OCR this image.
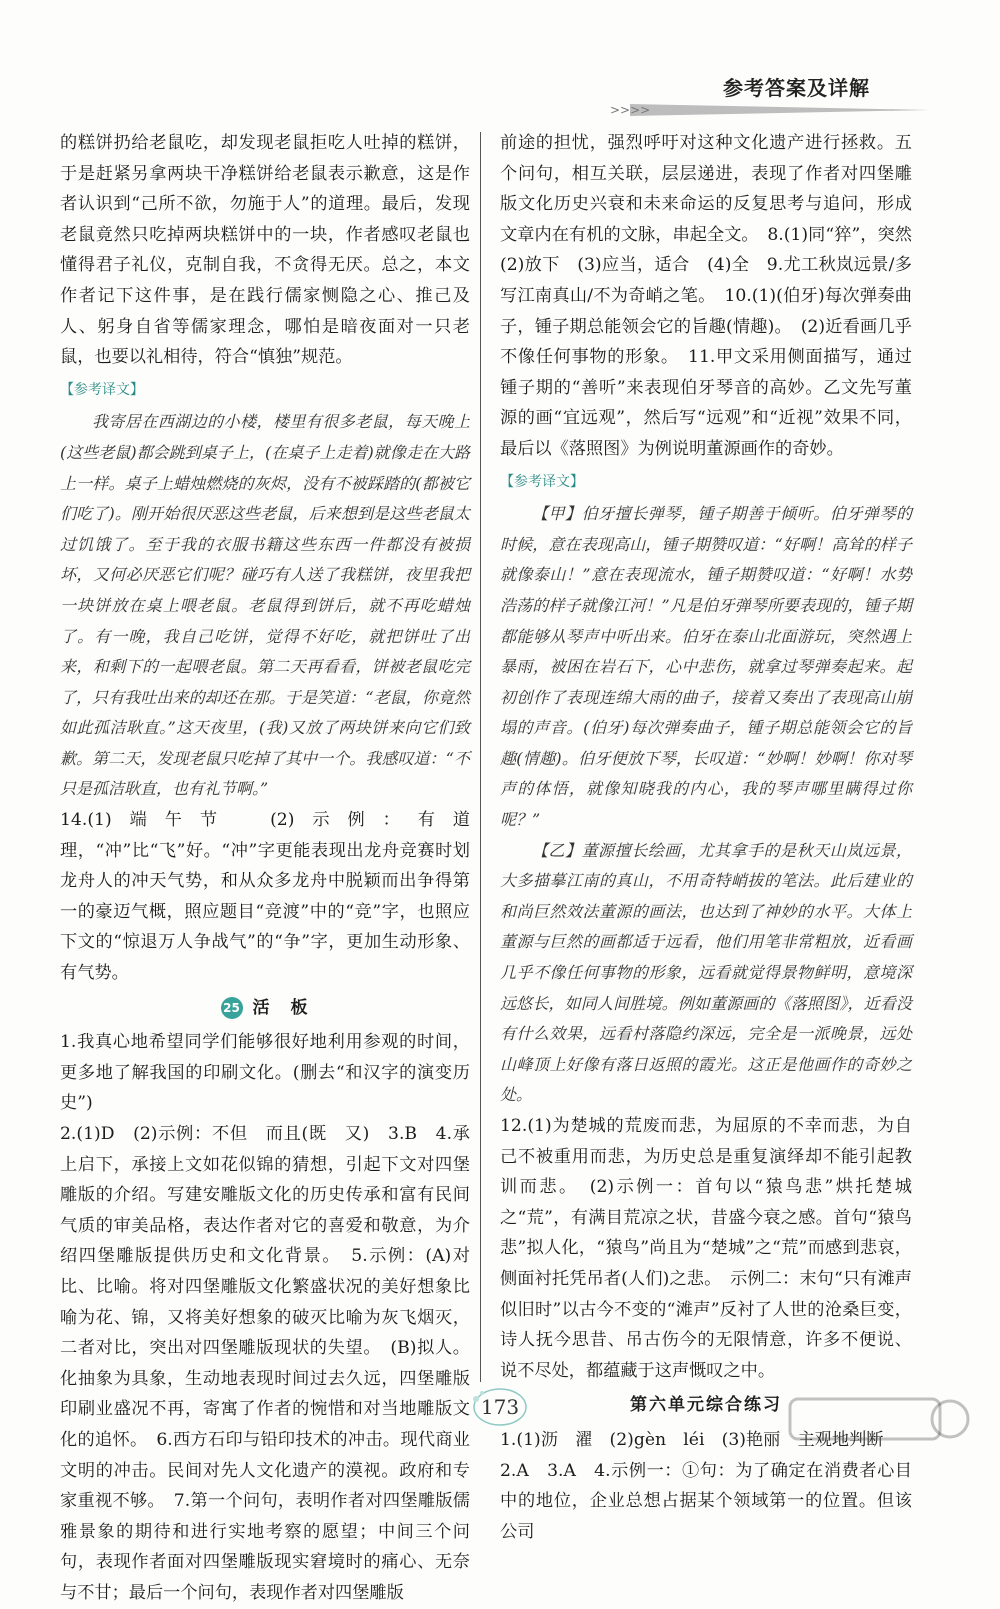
参考答案及详解
>>>>

的糕饼扔给老鼠吃，却发现老鼠拒吃人吐掉的糕饼，于是赶紧另拿两块干净糕饼给老鼠表示歉意，这是作者认识到“己所不欲，勿施于人”的道理。最后，发现老鼠竟然只吃掉两块糕饼中的一块，作者感叹老鼠也懂得君子礼仪，克制自我，不贪得无厌。总之，本文作者记下这件事，是在践行儒家恻隐之心、推己及人、躬身自省等儒家理念，哪怕是暗夜面对一只老鼠，也要以礼相待，符合“慎独”规范。

【参考译文】

我寄居在西湖边的小楼，楼里有很多老鼠，每天晚上(这些老鼠)都会跳到桌子上，(在桌子上走着)就像走在大路上一样。桌子上蜡烛燃烧的灰烬，没有不被踩踏的(都被它们吃了)。刚开始很厌恶这些老鼠，后来想到是这些老鼠太过饥饿了。至于我的衣服书籍这些东西一件都没有被损坏，又何必厌恶它们呢？碰巧有人送了我糕饼，夜里我把一块饼放在桌上喂老鼠。老鼠得到饼后，就不再吃蜡烛了。有一晚，我自己吃饼，觉得不好吃，就把饼吐了出来，和剩下的一起喂老鼠。第二天再看看，饼被老鼠吃完了，只有我吐出来的却还在那。于是笑道：“老鼠，你竟然如此孤洁耿直。”这天夜里，(我)又放了两块饼来向它们致歉。第二天，发现老鼠只吃掉了其中一个。我感叹道：“不只是孤洁耿直，也有礼节啊。”

14.(1)端午节　(2)示例：有道理，“冲”比“飞”好。“冲”字更能表现出龙舟竞赛时划龙舟人的冲天气势，和从众多龙舟中脱颖而出争得第一的豪迈气概，照应题目“竞渡”中的“竞”字，也照应下文的“惊退万人争战气”的“争”字，更加生动形象、有气势。

25 活　板

1.我真心地希望同学们能够很好地利用参观的时间，更多地了解我国的印刷文化。(删去“和汉字的演变历史”)

2.(1)D　(2)示例：不但　而且(既　又)　3.B　4.承上启下，承接上文如花似锦的猜想，引起下文对四堡雕版的介绍。写建安雕版文化的历史传承和富有民间气质的审美品格，表达作者对它的喜爱和敬意，为介绍四堡雕版提供历史和文化背景。　5.示例：(A)对比、比喻。将对四堡雕版文化繁盛状况的美好想象比喻为花、锦，又将美好想象的破灭比喻为灰飞烟灭，二者对比，突出对四堡雕版现状的失望。　(B)拟人。化抽象为具象，生动地表现时间过去久远，四堡雕版印刷业盛况不再，寄寓了作者的惋惜和对当地雕版文化的追怀。　6.西方石印与铅印技术的冲击。现代商业文明的冲击。民间对先人文化遗产的漠视。政府和专家重视不够。　7.第一个问句，表明作者对四堡雕版儒雅景象的期待和进行实地考察的愿望；中间三个问句，表现作者面对四堡雕版现实窘境时的痛心、无奈与不甘；最后一个问句，表现作者对四堡雕版

前途的担忧，强烈呼吁对这种文化遗产进行拯救。五个问句，相互关联，层层递进，表现了作者对四堡雕版文化历史兴衰和未来命运的反复思考与追问，形成文章内在有机的文脉，串起全文。　8.(1)同“猝”，突然　(2)放下　(3)应当，适合　(4)全　9.尤工秋岚远景/多写江南真山/不为奇峭之笔。　10.(1)(伯牙)每次弹奏曲子，锺子期总能领会它的旨趣(情趣)。　(2)近看画几乎不像任何事物的形象。　11.甲文采用侧面描写，通过锺子期的“善听”来表现伯牙琴音的高妙。乙文先写董源的画“宜远观”，然后写“远观”和“近视”效果不同，最后以《落照图》为例说明董源画作的奇妙。

【参考译文】

【甲】伯牙擅长弹琴，锺子期善于倾听。伯牙弹琴的时候，意在表现高山，锺子期赞叹道：“好啊！高耸的样子就像泰山！”意在表现流水，锺子期赞叹道：“好啊！水势浩荡的样子就像江河！”凡是伯牙弹琴所要表现的，锺子期都能够从琴声中听出来。伯牙在泰山北面游玩，突然遇上暴雨，被困在岩石下，心中悲伤，就拿过琴弹奏起来。起初创作了表现连绵大雨的曲子，接着又奏出了表现高山崩塌的声音。(伯牙)每次弹奏曲子，锺子期总能领会它的旨趣(情趣)。伯牙便放下琴，长叹道：“妙啊！妙啊！你对琴声的体悟，就像知晓我的内心，我的琴声哪里瞒得过你呢？”

【乙】董源擅长绘画，尤其拿手的是秋天山岚远景，大多描摹江南的真山，不用奇特峭拔的笔法。此后建业的和尚巨然效法董源的画法，也达到了神妙的水平。大体上董源与巨然的画都适于远看，他们用笔非常粗放，近看画几乎不像任何事物的形象，远看就觉得景物鲜明，意境深远悠长，如同人间胜境。例如董源画的《落照图》，近看没有什么效果，远看村落隐约深远，完全是一派晚景，远处山峰顶上好像有落日返照的霞光。这正是他画作的奇妙之处。

12.(1)为楚城的荒废而悲，为屈原的不幸而悲，为自己不被重用而悲，为历史总是重复演绎却不能引起教训而悲。　(2)示例一：首句以“猿鸟悲”烘托楚城之“荒”，有满目荒凉之状，昔盛今衰之感。首句“猿鸟悲”拟人化，“猿鸟”尚且为“楚城”之“荒”而感到悲哀，侧面衬托凭吊者(人们)之悲。　示例二：末句“只有滩声似旧时”以古今不变的“滩声”反衬了人世的沧桑巨变，诗人抚今思昔、吊古伤今的无限情意，许多不便说、说不尽处，都蕴藏于这声慨叹之中。

第六单元综合练习

1.(1)沥　濯　(2)gèn　léi　(3)艳丽　主观地判断

2.A　3.A　4.示例一：①句：为了确定在消费者心目中的地位，企业总想占据某个领域第一的位置。但该公司

173
